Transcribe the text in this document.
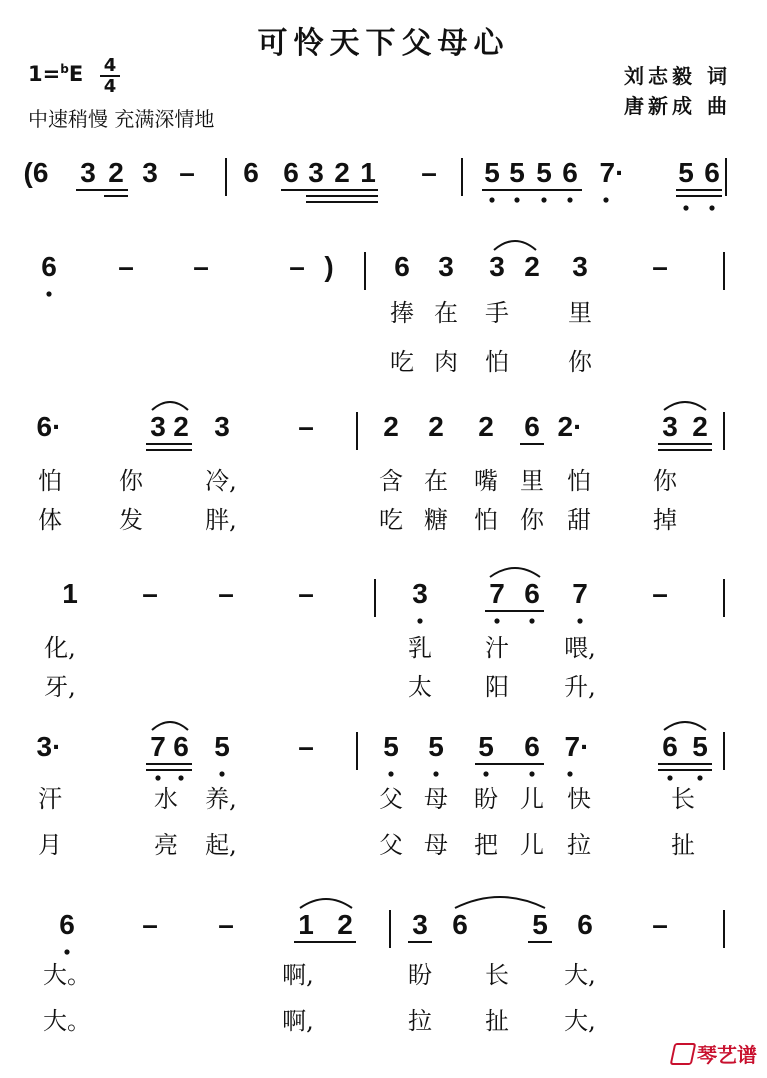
可怜天下父母心
1=$^b$E 4
4
中速稍慢 充满深情地
刘志毅 词
唐新成 曲
(6 3 2 3 – 6 6 3 2 1 – 5 5 5 6 7· 5 6
6 – –	– ) 6 3 3 2 3 –
捧 在 手 里
吃 肉 怕 你
6·	3 2 3 – 2 2 2 6 2·	3 2
怕 你	冷,	含 在 嘴 里 怕	你
体 发	胖,	吃 糖 怕 你 甜	掉
3·	7 6 5 – 5 5 5 6 7·	6 5
汗	水 养,	父 母 盼 儿 快	长
月	亮 起,	父 母 把 儿 拉	扯
1 – – –	3 7 6 7 –
化,	乳 汁 喂,
牙,	太 阳 升,
6 – – 1 2 3 6 5 6 –
大。	啊,	盼 长 大,
大。	啊,	拉 扯 大,
琴艺谱
